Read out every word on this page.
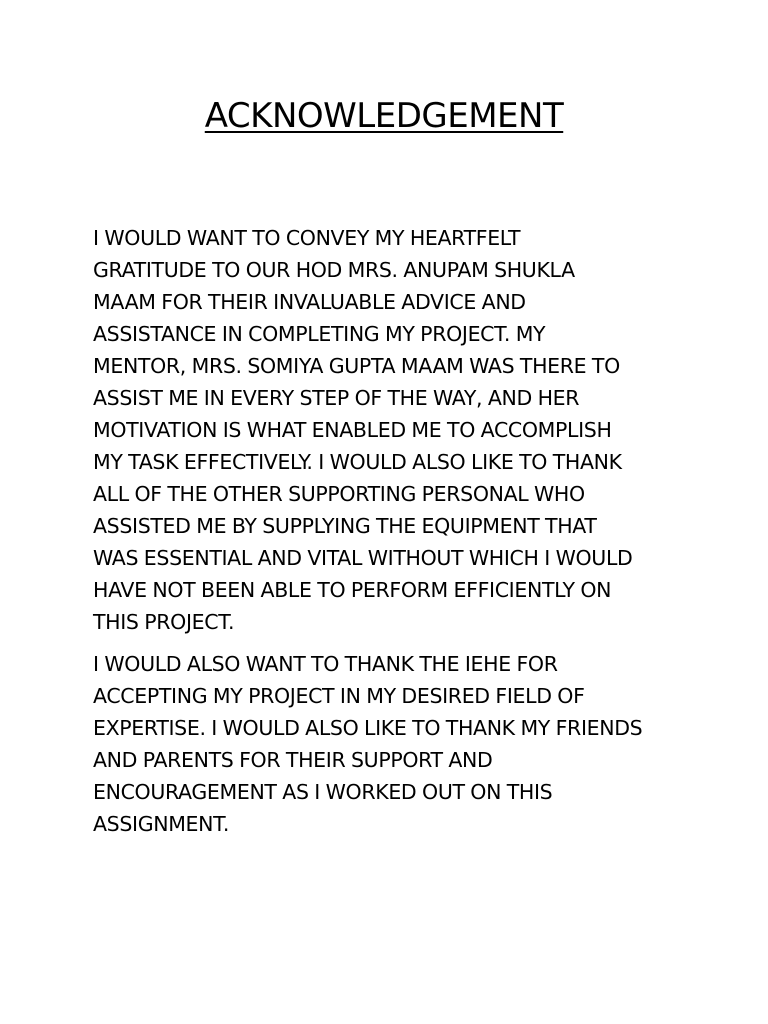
ACKNOWLEDGEMENT

I WOULD WANT TO CONVEY MY HEARTFELT
GRATITUDE TO OUR HOD MRS. ANUPAM SHUKLA
MAAM FOR THEIR INVALUABLE ADVICE AND
ASSISTANCE IN COMPLETING MY PROJECT. MY
MENTOR, MRS. SOMIYA GUPTA MAAM WAS THERE TO
ASSIST ME IN EVERY STEP OF THE WAY, AND HER
MOTIVATION IS WHAT ENABLED ME TO ACCOMPLISH
MY TASK EFFECTIVELY. I WOULD ALSO LIKE TO THANK
ALL OF THE OTHER SUPPORTING PERSONAL WHO
ASSISTED ME BY SUPPLYING THE EQUIPMENT THAT
WAS ESSENTIAL AND VITAL WITHOUT WHICH I WOULD
HAVE NOT BEEN ABLE TO PERFORM EFFICIENTLY ON
THIS PROJECT.

I WOULD ALSO WANT TO THANK THE IEHE FOR
ACCEPTING MY PROJECT IN MY DESIRED FIELD OF
EXPERTISE. I WOULD ALSO LIKE TO THANK MY FRIENDS
AND PARENTS FOR THEIR SUPPORT AND
ENCOURAGEMENT AS I WORKED OUT ON THIS
ASSIGNMENT.
